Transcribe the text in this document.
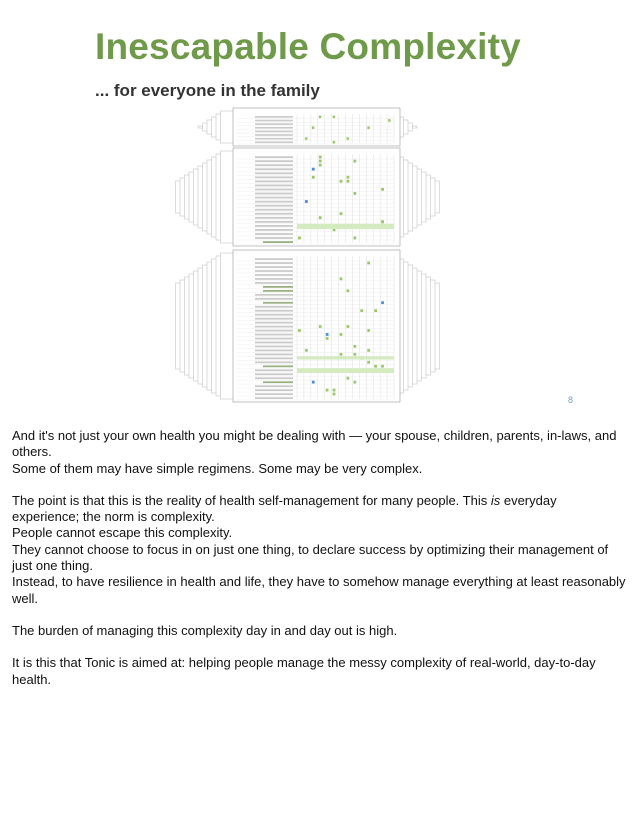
Inescapable Complexity
... for everyone in the family
8

And it's not just your own health you might be dealing with — your spouse, children, parents, in-laws, and others.

Some of them may have simple regimens. Some may be very complex.

The point is that this is the reality of health self-management for many people. This is everyday experience; the norm is complexity.

People cannot escape this complexity.

They cannot choose to focus in on just one thing, to declare success by optimizing their management of just one thing.

Instead, to have resilience in health and life, they have to somehow manage everything at least reasonably well.

The burden of managing this complexity day in and day out is high.

It is this that Tonic is aimed at: helping people manage the messy complexity of real-world, day-to-day health.
